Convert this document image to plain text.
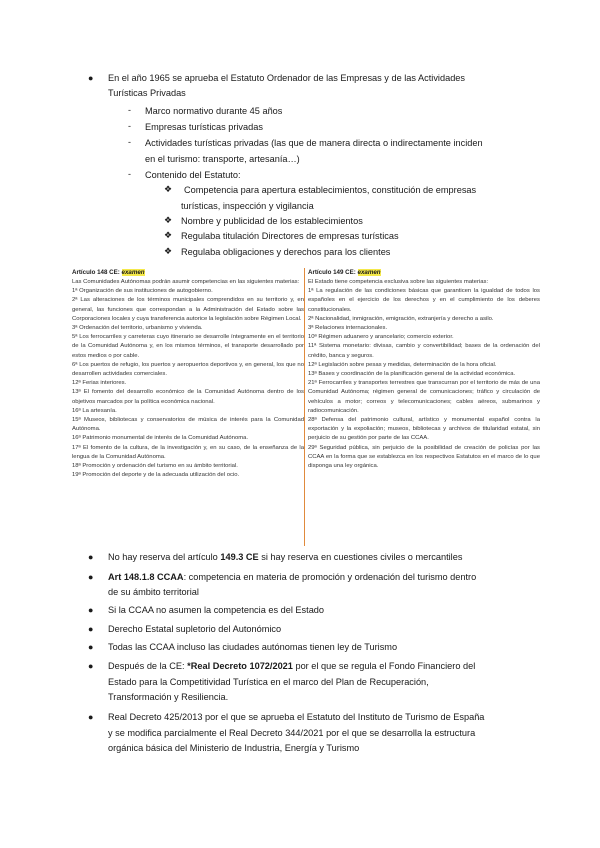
● En el año 1965 se aprueba el Estatuto Ordenador de las Empresas y de las Actividades
Turísticas Privadas
- Marco normativo durante 45 años
- Empresas turísticas privadas
- Actividades turísticas privadas (las que de manera directa o indirectamente inciden
en el turismo: transporte, artesanía…)
- Contenido del Estatuto:
❖ Competencia para apertura establecimientos, constitución de empresas
turísticas, inspección y vigilancia
❖ Nombre y publicidad de los establecimientos
❖ Regulaba titulación Directores de empresas turísticas
❖ Regulaba obligaciones y derechos para los clientes
Artículo 148 CE: examen

Las Comunidades Autónomas podrán asumir competencias en las siguientes materias:

1ª Organización de sus instituciones de autogobierno.

2ª Las alteraciones de los términos municipales comprendidos en su territorio y, en general, las funciones que correspondan a la Administración del Estado sobre las Corporaciones locales y cuya transferencia autorice la legislación sobre Régimen Local.

3ª Ordenación del territorio, urbanismo y vivienda.

5ª Los ferrocarriles y carreteras cuyo itinerario se desarrolle íntegramente en el territorio de la Comunidad Autónoma y, en los mismos términos, el transporte desarrollado por estos medios o por cable.

6ª Los puertos de refugio, los puertos y aeropuertos deportivos y, en general, los que no desarrollen actividades comerciales.

12ª Ferias interiores.

13ª El fomento del desarrollo económico de la Comunidad Autónoma dentro de los objetivos marcados por la política económica nacional.

16ª La artesanía.

15ª Museos, bibliotecas y conservatorios de música de interés para la Comunidad Autónoma.

16ª Patrimonio monumental de interés de la Comunidad Autónoma.

17ª El fomento de la cultura, de la investigación y, en su caso, de la enseñanza de la lengua de la Comunidad Autónoma.

18ª Promoción y ordenación del turismo en su ámbito territorial.

19ª Promoción del deporte y de la adecuada utilización del ocio.

Artículo 149 CE: examen

El Estado tiene competencia exclusiva sobre las siguientes materias:

1ª La regulación de las condiciones básicas que garanticen la igualdad de todos los españoles en el ejercicio de los derechos y en el cumplimiento de los deberes constitucionales.

2ª Nacionalidad, inmigración, emigración, extranjería y derecho a asilo.

3ª Relaciones internacionales.

10ª Régimen aduanero y arancelario; comercio exterior.

11ª Sistema monetario: divisas, cambio y convertibilidad; bases de la ordenación del crédito, banca y seguros.

12ª Legislación sobre pesas y medidas, determinación de la hora oficial.

13ª Bases y coordinación de la planificación general de la actividad económica.

21ª Ferrocarriles y transportes terrestres que transcurran por el territorio de más de una Comunidad Autónoma; régimen general de comunicaciones; tráfico y circulación de vehículos a motor; correos y telecomunicaciones; cables aéreos, submarinos y radiocomunicación.

28ª Defensa del patrimonio cultural, artístico y monumental español contra la exportación y la expoliación; museos, bibliotecas y archivos de titularidad estatal, sin perjuicio de su gestión por parte de las CCAA.

29ª Seguridad pública, sin perjuicio de la posibilidad de creación de policías por las CCAA en la forma que se establezca en los respectivos Estatutos en el marco de lo que disponga una ley orgánica.

● No hay reserva del artículo 149.3 CE si hay reserva en cuestiones civiles o mercantiles
● Art 148.1.8 CCAA: competencia en materia de promoción y ordenación del turismo dentro
de su ámbito territorial
● Si la CCAA no asumen la competencia es del Estado
● Derecho Estatal supletorio del Autonómico
● Todas las CCAA incluso las ciudades autónomas tienen ley de Turismo
● Después de la CE: *Real Decreto 1072/2021 por el que se regula el Fondo Financiero del
Estado para la Competitividad Turística en el marco del Plan de Recuperación,
Transformación y Resiliencia.
● Real Decreto 425/2013 por el que se aprueba el Estatuto del Instituto de Turismo de España
y se modifica parcialmente el Real Decreto 344/2021 por el que se desarrolla la estructura
orgánica básica del Ministerio de Industria, Energía y Turismo
